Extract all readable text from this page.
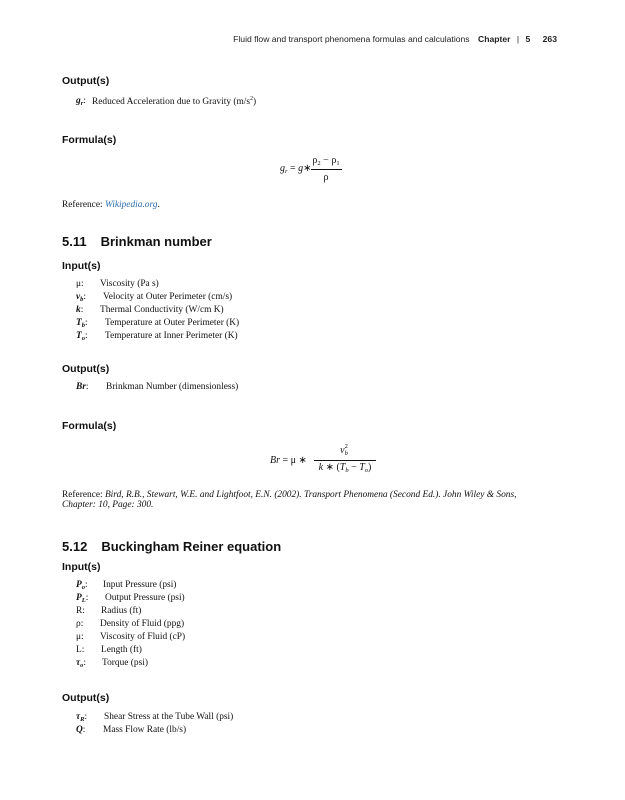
Fluid flow and transport phenomena formulas and calculations Chapter | 5 263
Output(s)
$g_r$: Reduced Acceleration due to Gravity $(m/s^2)$
Formula(s)
$g_r$ = g∗
$\rho_2 - \rho_1$
ρ
Reference: Wikipedia.org.
5.11 Brinkman number
Input(s)
μ: Viscosity (Pa s)
$v_b$: Velocity at Outer Perimeter (cm/s)
k: Thermal Conductivity (W/cm K)
$T_b$: Temperature at Outer Perimeter (K)
$T_o$: Temperature at Inner Perimeter (K)
Output(s)
Br: Brinkman Number (dimensionless)
Formula(s)
Br = μ ∗
v 2
b
k ∗ $(T_b - T_o)$
Reference: Bird, R.B., Stewart, W.E. and Lightfoot, E.N. (2002). Transport Phenomena (Second Ed.). John Wiley & Sons,
Chapter: 10, Page: 300.
5.12 Buckingham Reiner equation
Input(s)
$P_o$: Input Pressure (psi)
$P_L$: Output Pressure (psi)
R: Radius (ft)
ρ: Density of Fluid (ppg)
μ: Viscosity of Fluid (cP)
L: Length (ft)
$\tau_o$: Torque (psi)
Output(s)
$\tau_R$: Shear Stress at the Tube Wall (psi)
Q: Mass Flow Rate (lb/s)
